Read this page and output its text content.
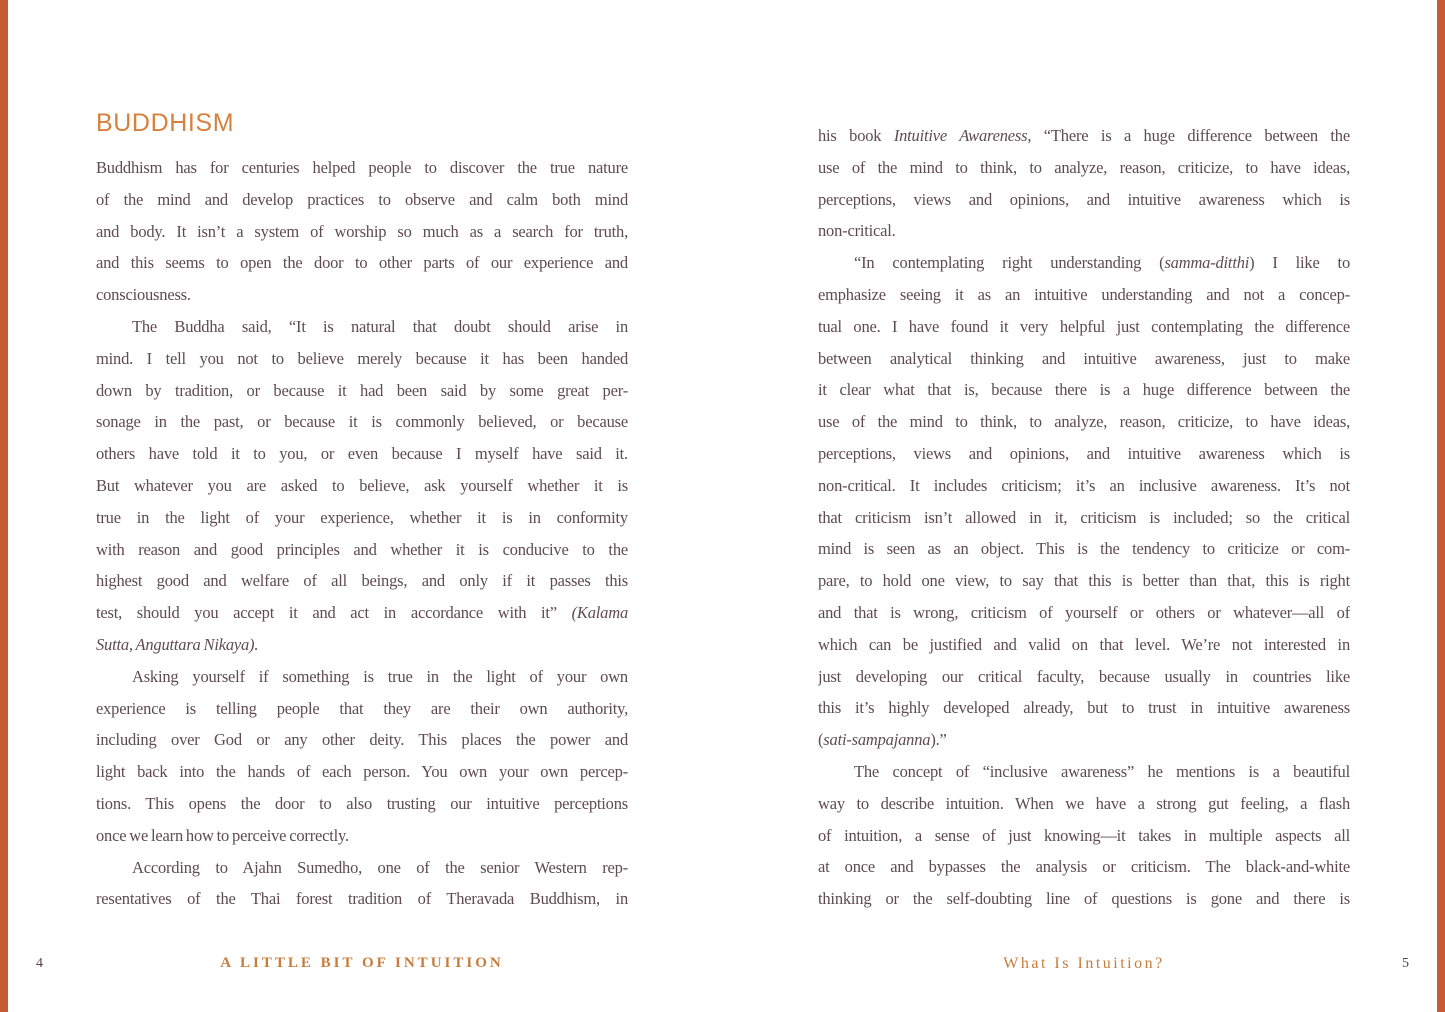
BUDDHISM
Buddhism has for centuries helped people to discover the true nature
of the mind and develop practices to observe and calm both mind
and body. It isn’t a system of worship so much as a search for truth,
and this seems to open the door to other parts of our experience and
consciousness.
The Buddha said, “It is natural that doubt should arise in
mind. I tell you not to believe merely because it has been handed
down by tradition, or because it had been said by some great per-
sonage in the past, or because it is commonly believed, or because
others have told it to you, or even because I myself have said it.
But whatever you are asked to believe, ask yourself whether it is
true in the light of your experience, whether it is in conformity
with reason and good principles and whether it is conducive to the
highest good and welfare of all beings, and only if it passes this
test, should you accept it and act in accordance with it” (Kalama
Sutta, Anguttara Nikaya).
Asking yourself if something is true in the light of your own
experience is telling people that they are their own authority,
including over God or any other deity. This places the power and
light back into the hands of each person. You own your own percep-
tions. This opens the door to also trusting our intuitive perceptions
once we learn how to perceive correctly.
According to Ajahn Sumedho, one of the senior Western rep-
resentatives of the Thai forest tradition of Theravada Buddhism, in
his book Intuitive Awareness, “There is a huge difference between the
use of the mind to think, to analyze, reason, criticize, to have ideas,
perceptions, views and opinions, and intuitive awareness which is
non-critical.
“In contemplating right understanding (samma-ditthi) I like to
emphasize seeing it as an intuitive understanding and not a concep-
tual one. I have found it very helpful just contemplating the difference
between analytical thinking and intuitive awareness, just to make
it clear what that is, because there is a huge difference between the
use of the mind to think, to analyze, reason, criticize, to have ideas,
perceptions, views and opinions, and intuitive awareness which is
non-critical. It includes criticism; it’s an inclusive awareness. It’s not
that criticism isn’t allowed in it, criticism is included; so the critical
mind is seen as an object. This is the tendency to criticize or com-
pare, to hold one view, to say that this is better than that, this is right
and that is wrong, criticism of yourself or others or whatever—all of
which can be justified and valid on that level. We’re not interested in
just developing our critical faculty, because usually in countries like
this it’s highly developed already, but to trust in intuitive awareness
(sati-sampajanna).”
The concept of “inclusive awareness” he mentions is a beautiful
way to describe intuition. When we have a strong gut feeling, a flash
of intuition, a sense of just knowing—it takes in multiple aspects all
at once and bypasses the analysis or criticism. The black-and-white
thinking or the self-doubting line of questions is gone and there is
4	A LITTLE BIT OF INTUITION	What Is Intuition?	5
